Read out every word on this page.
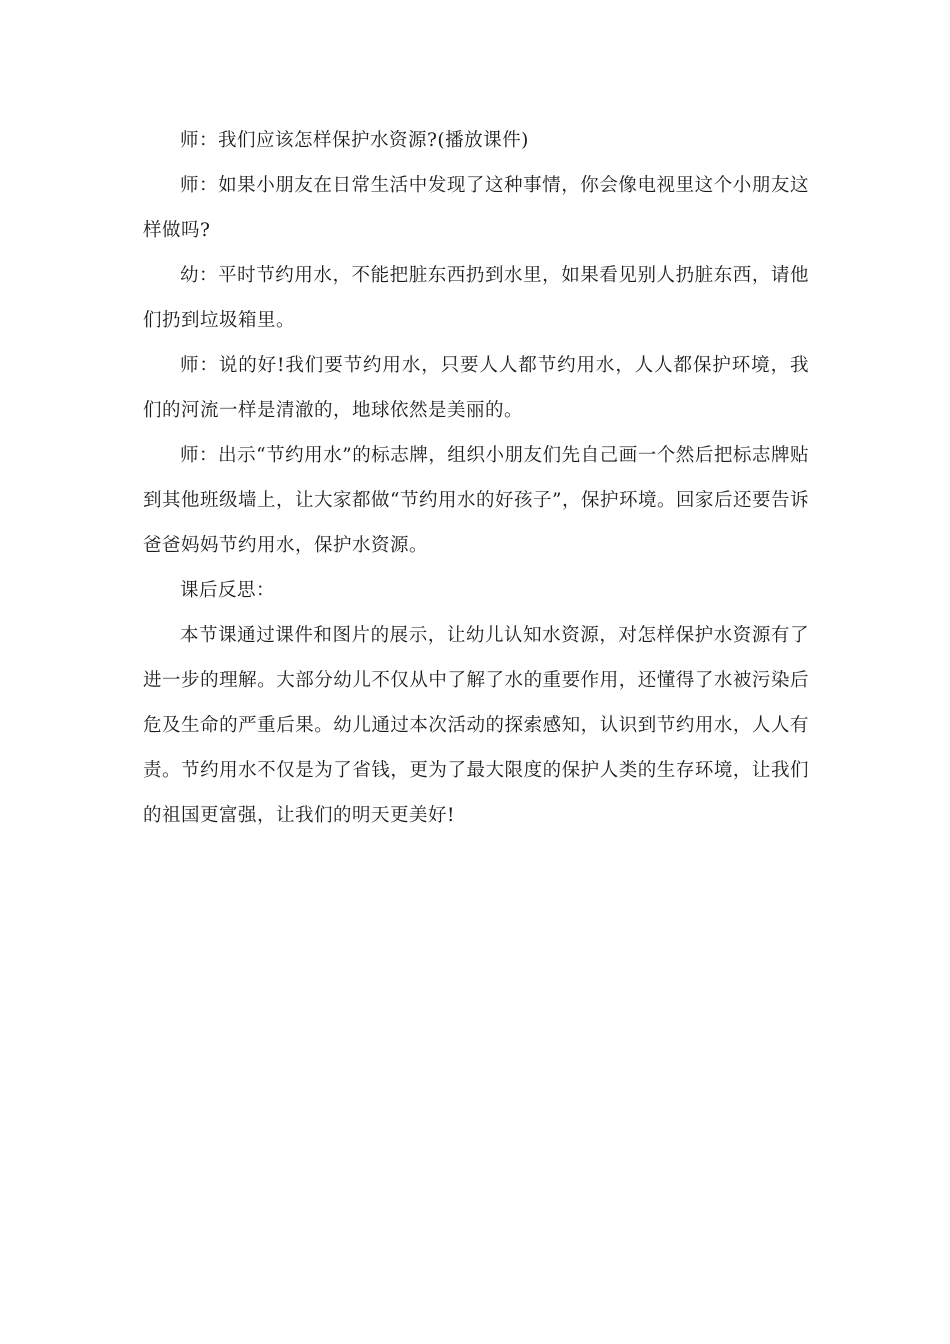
师：我们应该怎样保护水资源?(播放课件)

师：如果小朋友在日常生活中发现了这种事情，你会像电视里这个小朋友这样做吗?

幼：平时节约用水，不能把脏东西扔到水里，如果看见别人扔脏东西，请他们扔到垃圾箱里。

师：说的好!我们要节约用水，只要人人都节约用水，人人都保护环境，我们的河流一样是清澈的，地球依然是美丽的。

师：出示“节约用水”的标志牌，组织小朋友们先自己画一个然后把标志牌贴到其他班级墙上，让大家都做“节约用水的好孩子”，保护环境。回家后还要告诉爸爸妈妈节约用水，保护水资源。

课后反思：

本节课通过课件和图片的展示，让幼儿认知水资源，对怎样保护水资源有了进一步的理解。大部分幼儿不仅从中了解了水的重要作用，还懂得了水被污染后危及生命的严重后果。幼儿通过本次活动的探索感知，认识到节约用水，人人有责。节约用水不仅是为了省钱，更为了最大限度的保护人类的生存环境，让我们的祖国更富强，让我们的明天更美好!
